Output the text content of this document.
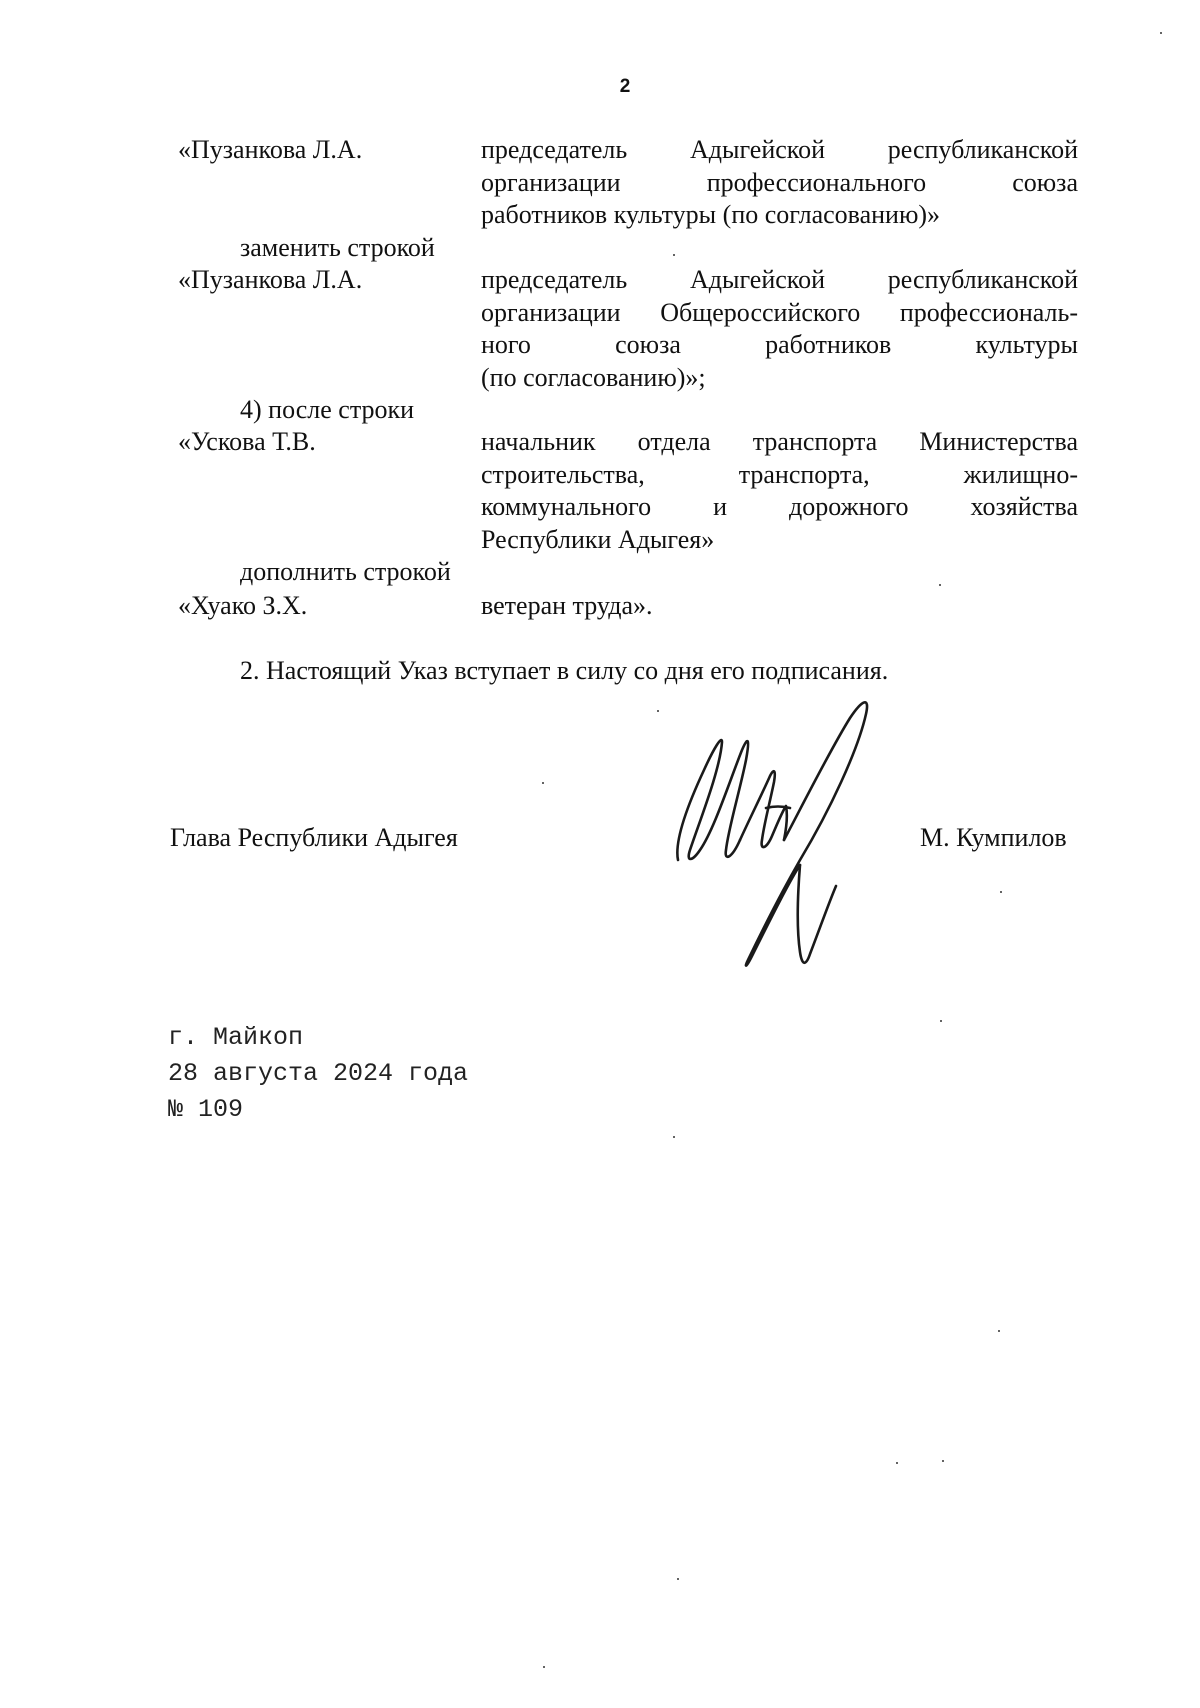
2
«Пузанкова Л.А.	председатель Адыгейской республиканской
организации профессионального союза
работников культуры (по согласованию)»
заменить строкой
«Пузанкова Л.А.	председатель Адыгейской республиканской
организации Общероссийского профессиональ-
ного союза работников культуры
(по согласованию)»;
4) после строки
«Ускова Т.В.	начальник отдела транспорта Министерства
строительства, транспорта, жилищно-
коммунального и дорожного хозяйства
Республики Адыгея»
дополнить строкой
«Хуако З.Х.	ветеран труда».
2. Настоящий Указ вступает в силу со дня его подписания.
Глава Республики Адыгея	М. Кумпилов
г. Майкоп
28 августа 2024 года
№ 109
